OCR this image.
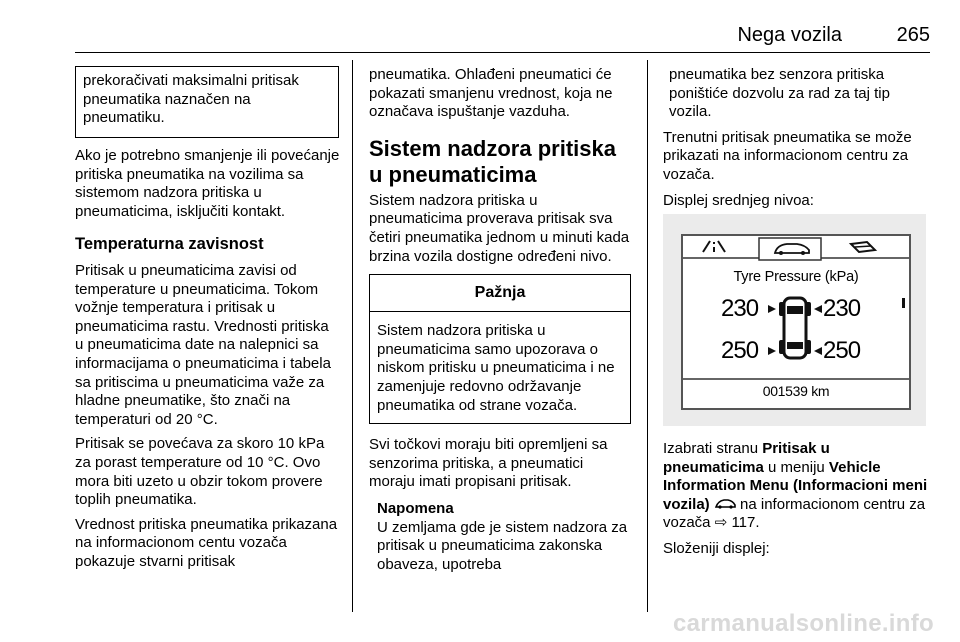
Nega vozila	265

prekoračivati maksimalni pritisak pneumatika naznačen na pneumatiku.

Ako je potrebno smanjenje ili povećanje pritiska pneumatika na vozilima sa sistemom nadzora pritiska u pneumaticima, isključiti kontakt.

Temperaturna zavisnost

Pritisak u pneumaticima zavisi od temperature u pneumaticima. Tokom vožnje temperatura i pritisak u pneumaticima rastu. Vrednosti pritiska u pneumaticima date na nalepnici sa informacijama o pneumaticima i tabela sa pritiscima u pneumaticima važe za hladne pneumatike, što znači na temperaturi od 20 °C.

Pritisak se povećava za skoro 10 kPa za porast temperature od 10 °C. Ovo mora biti uzeto u obzir tokom provere toplih pneumatika.

Vrednost pritiska pneumatika prikazana na informacionom centu vozača pokazuje stvarni pritisak

pneumatika. Ohlađeni pneumatici će pokazati smanjenu vrednost, koja ne označava ispuštanje vazduha.

Sistem nadzora pritiska u pneumaticima

Sistem nadzora pritiska u pneumaticima proverava pritisak sva četiri pneumatika jednom u minuti kada brzina vozila dostigne određeni nivo.

Pažnja
Sistem nadzora pritiska u pneumaticima samo upozorava o niskom pritisku u pneumaticima i ne zamenjuje redovno održavanje pneumatika od strane vozača.

Svi točkovi moraju biti opremljeni sa senzorima pritiska, a pneumatici moraju imati propisani pritisak.

Napomena

U zemljama gde je sistem nadzora za pritisak u pneumaticima zakonska obaveza, upotreba

pneumatika bez senzora pritiska poništiće dozvolu za rad za taj tip vozila.

Trenutni pritisak pneumatika se može prikazati na informacionom centru za vozača.

Displej srednjeg nivoa:

Tyre Pressure (kPa)
230	230
250	250
001539 km

Izabrati stranu Pritisak u pneumaticima u meniju Vehicle Information Menu (Informacioni meni vozila)  na informacionom centru za vozača ⇨ 117.

Složeniji displej:

carmanualsonline.info
